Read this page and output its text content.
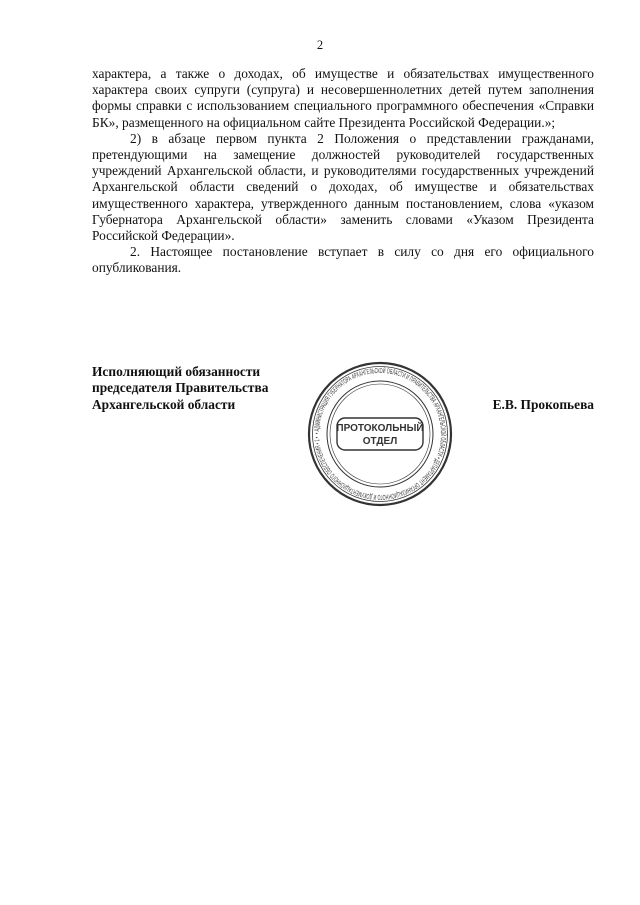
2

характера, а также о доходах, об имуществе и обязательствах имущественного характера своих супруги (супруга) и несовершеннолетних детей путем заполнения формы справки с использованием специального программного обеспечения «Справки БК», размещенного на официальном сайте Президента Российской Федерации.»;

2) в абзаце первом пункта 2 Положения о представлении гражданами, претендующими на замещение должностей руководителей государственных учреждений Архангельской области, и руководителями государственных учреждений Архангельской области сведений о доходах, об имуществе и обязательствах имущественного характера, утвержденного данным постановлением, слова «указом Губернатора Архангельской области» заменить словами «Указом Президента Российской Федерации».

2. Настоящее постановление вступает в силу со дня его официального опубликования.

Исполняющий обязанности
председателя Правительства
Архангельской области	Е.В. Прокопьева
• АДМИНИСТРАЦИЯ ГУБЕРНАТОРА АРХАНГЕЛЬСКОЙ ОБЛАСТИ И ПРАВИТЕЛЬСТВА АРХАНГЕЛЬСКОЙ ОБЛАСТИ • ДЕПАРТАМЕНТ ОРГАНИЗАЦИОННОГО И ДОКУМЕНТАЦИОННОГО ОБЕСПЕЧЕНИЯ • 1 •
ПРОТОКОЛЬНЫЙ
ОТДЕЛ
